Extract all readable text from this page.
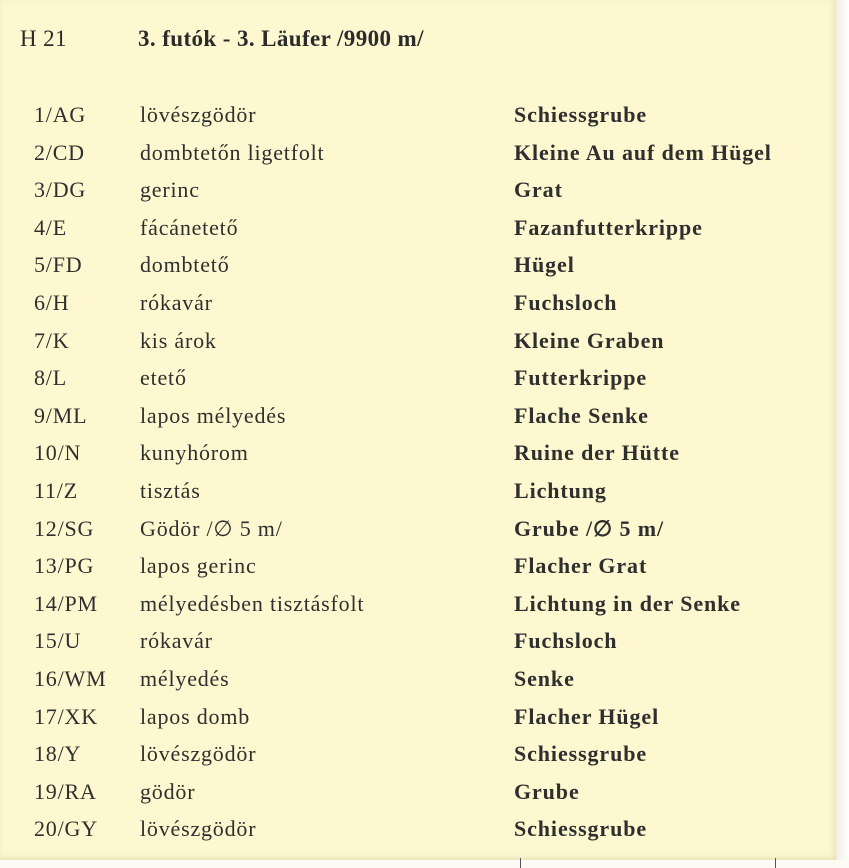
H 21	3. futók - 3. Läufer /9900 m/
1/AG lövészgödör	Schiessgrube
2/CD	dombtetőn ligetfolt	Kleine Au auf dem Hügel
3/DG gerinc	Grat
4/E	fácánetető	Fazanfutterkrippe
5/FD	dombtető	Hügel
6/H	rókavár	Fuchsloch
7/K	kis árok	Kleine Graben
8/L	etető	Futterkrippe
9/ML lapos mélyedés	Flache Senke
10/N	kunyhórom	Ruine der Hütte
11/Z	tisztás	Lichtung
12/SG Gödör /∅ 5 m/	Grube /∅ 5 m/
13/PG lapos gerinc	Flacher Grat
14/PM mélyedésben tisztásfolt	Lichtung in der Senke
15/U	rókavár	Fuchsloch
16/WM mélyedés	Senke
17/XK lapos domb	Flacher Hügel
18/Y	lövészgödör	Schiessgrube
19/RA gödör	Grube
20/GY lövészgödör	Schiessgrube
